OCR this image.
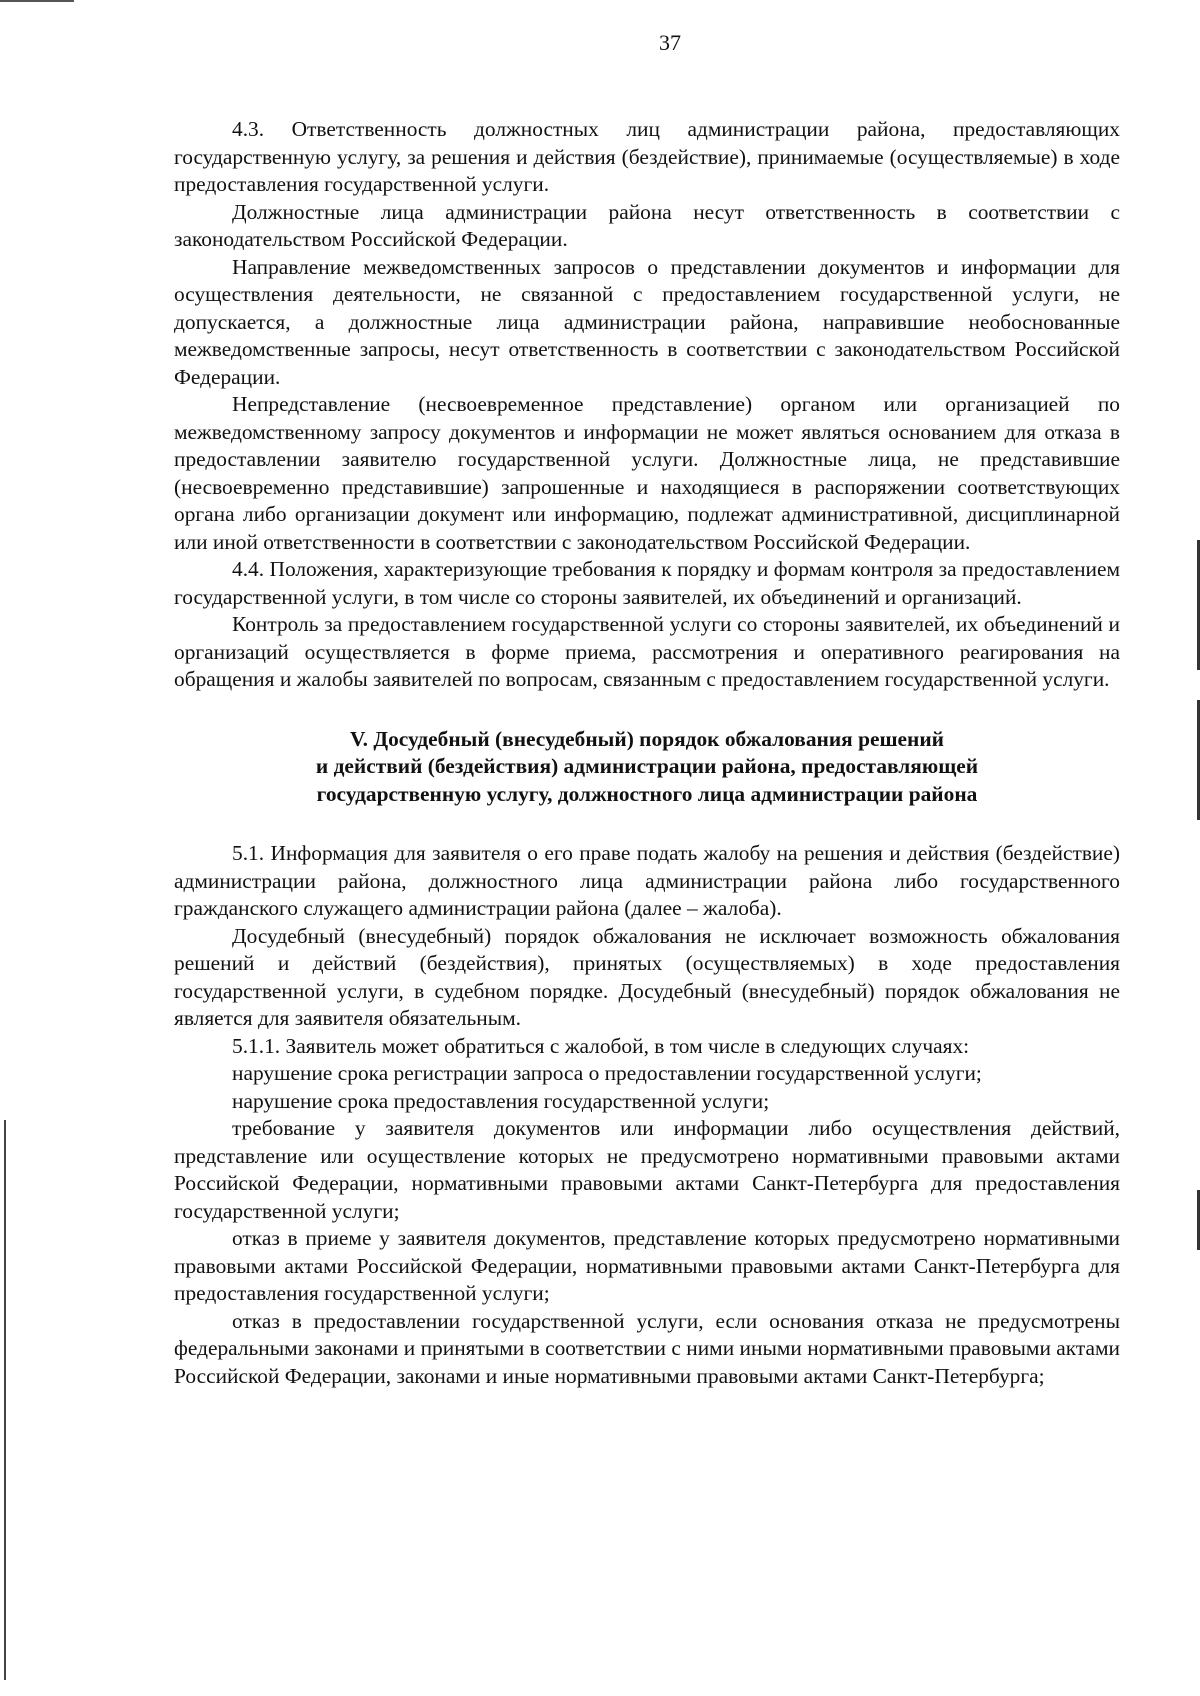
37

4.3. Ответственность должностных лиц администрации района, предоставляющих государственную услугу, за решения и действия (бездействие), принимаемые (осуществляемые) в ходе предоставления государственной услуги.

Должностные лица администрации района несут ответственность в соответствии с законодательством Российской Федерации.

Направление межведомственных запросов о представлении документов и информации для осуществления деятельности, не связанной с предоставлением государственной услуги, не допускается, а должностные лица администрации района, направившие необоснованные межведомственные запросы, несут ответственность в соответствии с законодательством Российской Федерации.

Непредставление (несвоевременное представление) органом или организацией по межведомственному запросу документов и информации не может являться основанием для отказа в предоставлении заявителю государственной услуги. Должностные лица, не представившие (несвоевременно представившие) запрошенные и находящиеся в распоряжении соответствующих органа либо организации документ или информацию, подлежат административной, дисциплинарной или иной ответственности в соответствии с законодательством Российской Федерации.

4.4. Положения, характеризующие требования к порядку и формам контроля за предоставлением государственной услуги, в том числе со стороны заявителей, их объединений и организаций.

Контроль за предоставлением государственной услуги со стороны заявителей, их объединений и организаций осуществляется в форме приема, рассмотрения и оперативного реагирования на обращения и жалобы заявителей по вопросам, связанным с предоставлением государственной услуги.

V. Досудебный (внесудебный) порядок обжалования решений
и действий (бездействия) администрации района, предоставляющей
государственную услугу, должностного лица администрации района

5.1. Информация для заявителя о его праве подать жалобу на решения и действия (бездействие) администрации района, должностного лица администрации района либо государственного гражданского служащего администрации района (далее – жалоба).

Досудебный (внесудебный) порядок обжалования не исключает возможность обжалования решений и действий (бездействия), принятых (осуществляемых) в ходе предоставления государственной услуги, в судебном порядке. Досудебный (внесудебный) порядок обжалования не является для заявителя обязательным.

5.1.1. Заявитель может обратиться с жалобой, в том числе в следующих случаях:

нарушение срока регистрации запроса о предоставлении государственной услуги;

нарушение срока предоставления государственной услуги;

требование у заявителя документов или информации либо осуществления действий, представление или осуществление которых не предусмотрено нормативными правовыми актами Российской Федерации, нормативными правовыми актами Санкт-Петербурга для предоставления государственной услуги;

отказ в приеме у заявителя документов, представление которых предусмотрено нормативными правовыми актами Российской Федерации, нормативными правовыми актами Санкт-Петербурга для предоставления государственной услуги;

отказ в предоставлении государственной услуги, если основания отказа не предусмотрены федеральными законами и принятыми в соответствии с ними иными нормативными правовыми актами Российской Федерации, законами и иные нормативными правовыми актами Санкт-Петербурга;
